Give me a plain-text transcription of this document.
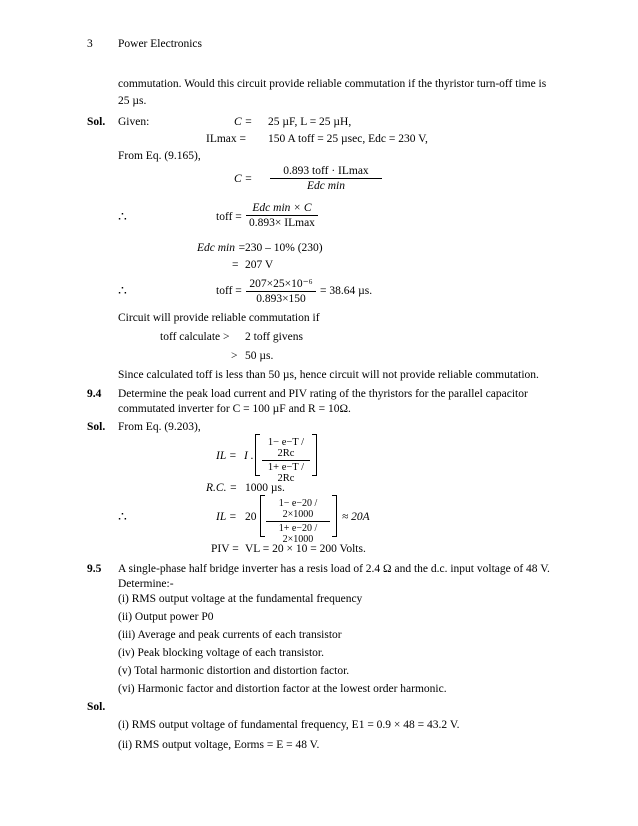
3 Power Electronics
commutation. Would this circuit provide reliable commutation if the thyristor turn-off time is
25 µs.
Sol. Given:	C = 25 µF, L = 25 µH,
ILmax = 150 A toff = 25 µsec, Edc = 230 V,
From Eq. (9.165),
C =
0.893 toff · ILmax
Edc min
∴	toff =
Edc min × C
0.893× ILmax
Edc min = 230 – 10% (230)
= 207 V
∴	toff = $\frac{\text{207×25×10⁻⁶}}{0.893\times 150} = 38.64$ µs.
Circuit will provide reliable commutation if
toff calculate > 2 toff givens
> 50 µs.
Since calculated toff is less than 50 µs, hence circuit will not provide reliable commutation.
9.4 Determine the peak load current and PIV rating of the thyristors for the parallel capacitor
commutated inverter for C = 100 µF and R = 10Ω.
Sol. From Eq. (9.203),
IL = I . $\frac{1- e-T / 2Rc}{1+ e-T / 2Rc}$
R.C. = 1000 µs.
∴	IL = $20 \frac{1- e-20 / 2\times 1000}{1+ e-20 / 2\times 1000} \approx 20A$
PIV = VL = 20 × 10 = 200 Volts.
9.5 A single-phase half bridge inverter has a resis load of 2.4 Ω and the d.c. input voltage of 48 V.
Determine:-
(i) RMS output voltage at the fundamental frequency
(ii) Output power P0
(iii) Average and peak currents of each transistor
(iv) Peak blocking voltage of each transistor.
(v) Total harmonic distortion and distortion factor.
(vi) Harmonic factor and distortion factor at the lowest order harmonic.
Sol.
(i) RMS output voltage of fundamental frequency, E1 = 0.9 × 48 = 43.2 V.
(ii) RMS output voltage, Eorms = E = 48 V.
